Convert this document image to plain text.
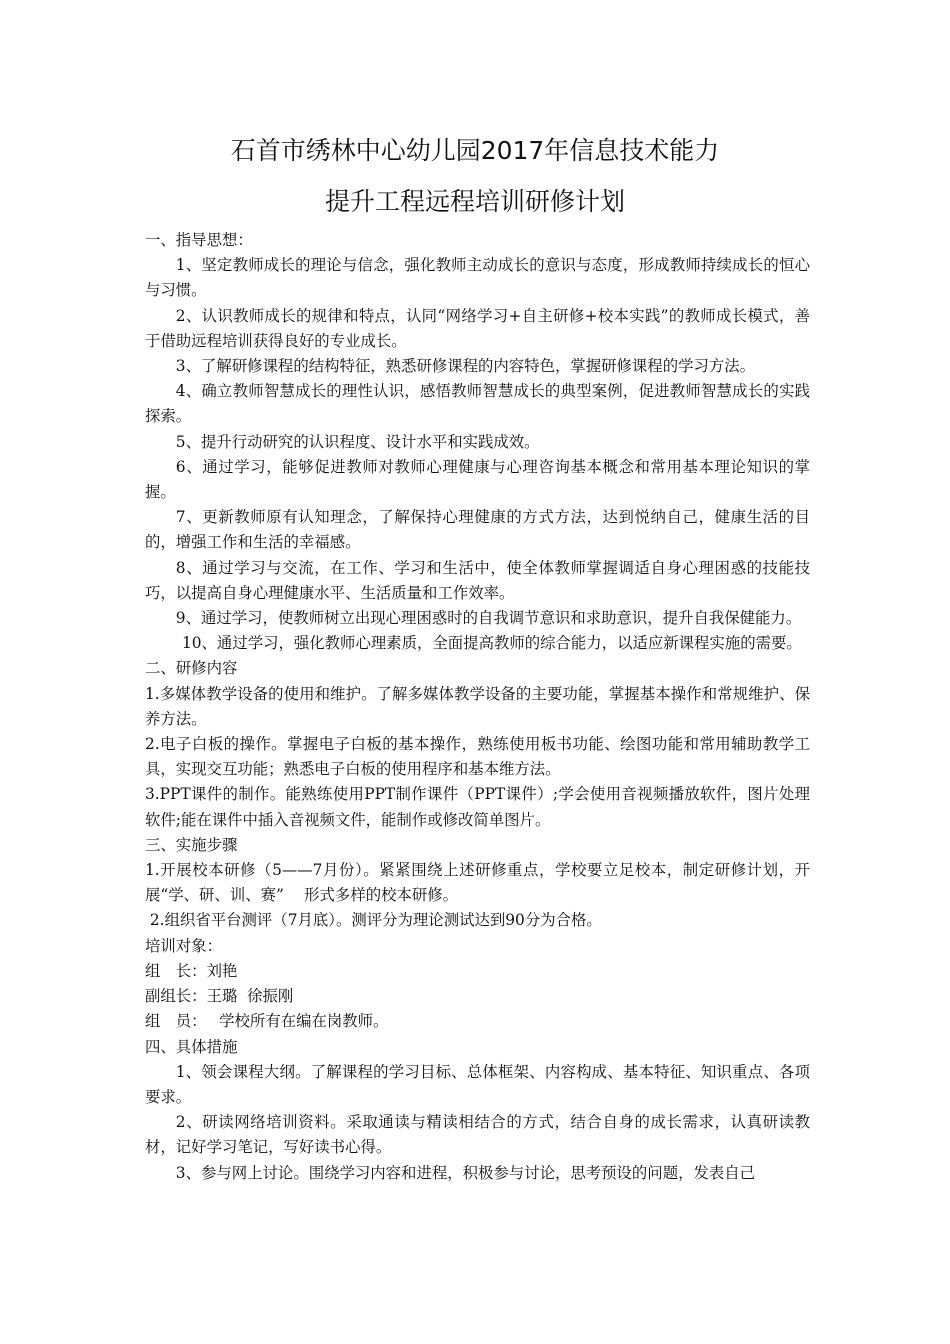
石首市绣林中心幼儿园2017年信息技术能力
提升工程远程培训研修计划

一、指导思想：

1、坚定教师成长的理论与信念，强化教师主动成长的意识与态度，形成教师持续成长的恒心与习惯。

2、认识教师成长的规律和特点，认同“网络学习+自主研修+校本实践”的教师成长模式，善于借助远程培训获得良好的专业成长。

3、了解研修课程的结构特征，熟悉研修课程的内容特色，掌握研修课程的学习方法。

4、确立教师智慧成长的理性认识，感悟教师智慧成长的典型案例，促进教师智慧成长的实践探索。

5、提升行动研究的认识程度、设计水平和实践成效。

6、通过学习，能够促进教师对教师心理健康与心理咨询基本概念和常用基本理论知识的掌握。

7、更新教师原有认知理念，了解保持心理健康的方式方法，达到悦纳自己，健康生活的目的，增强工作和生活的幸福感。

8、通过学习与交流，在工作、学习和生活中，使全体教师掌握调适自身心理困惑的技能技巧，以提高自身心理健康水平、生活质量和工作效率。

9、通过学习，使教师树立出现心理困惑时的自我调节意识和求助意识，提升自我保健能力。

10、通过学习，强化教师心理素质，全面提高教师的综合能力，以适应新课程实施的需要。

二、研修内容

1.多媒体教学设备的使用和维护。了解多媒体教学设备的主要功能，掌握基本操作和常规维护、保养方法。

2.电子白板的操作。掌握电子白板的基本操作，熟练使用板书功能、绘图功能和常用辅助教学工具，实现交互功能；熟悉电子白板的使用程序和基本维方法。

3.PPT课件的制作。能熟练使用PPT制作课件（PPT课件）;学会使用音视频播放软件，图片处理软件;能在课件中插入音视频文件，能制作或修改简单图片。

三、实施步骤

1.开展校本研修（5——7月份）。紧紧围绕上述研修重点，学校要立足校本，制定研修计划，开展“学、研、训、赛”　 形式多样的校本研修。

2.组织省平台测评（7月底）。测评分为理论测试达到90分为合格。

培训对象：

组　长：刘艳

副组长：王璐  徐振刚

组　员：　 学校所有在编在岗教师。

四、具体措施

1、领会课程大纲。了解课程的学习目标、总体框架、内容构成、基本特征、知识重点、各项要求。

2、研读网络培训资料。采取通读与精读相结合的方式，结合自身的成长需求，认真研读教材，记好学习笔记，写好读书心得。

3、参与网上讨论。围绕学习内容和进程，积极参与讨论，思考预设的问题，发表自己
